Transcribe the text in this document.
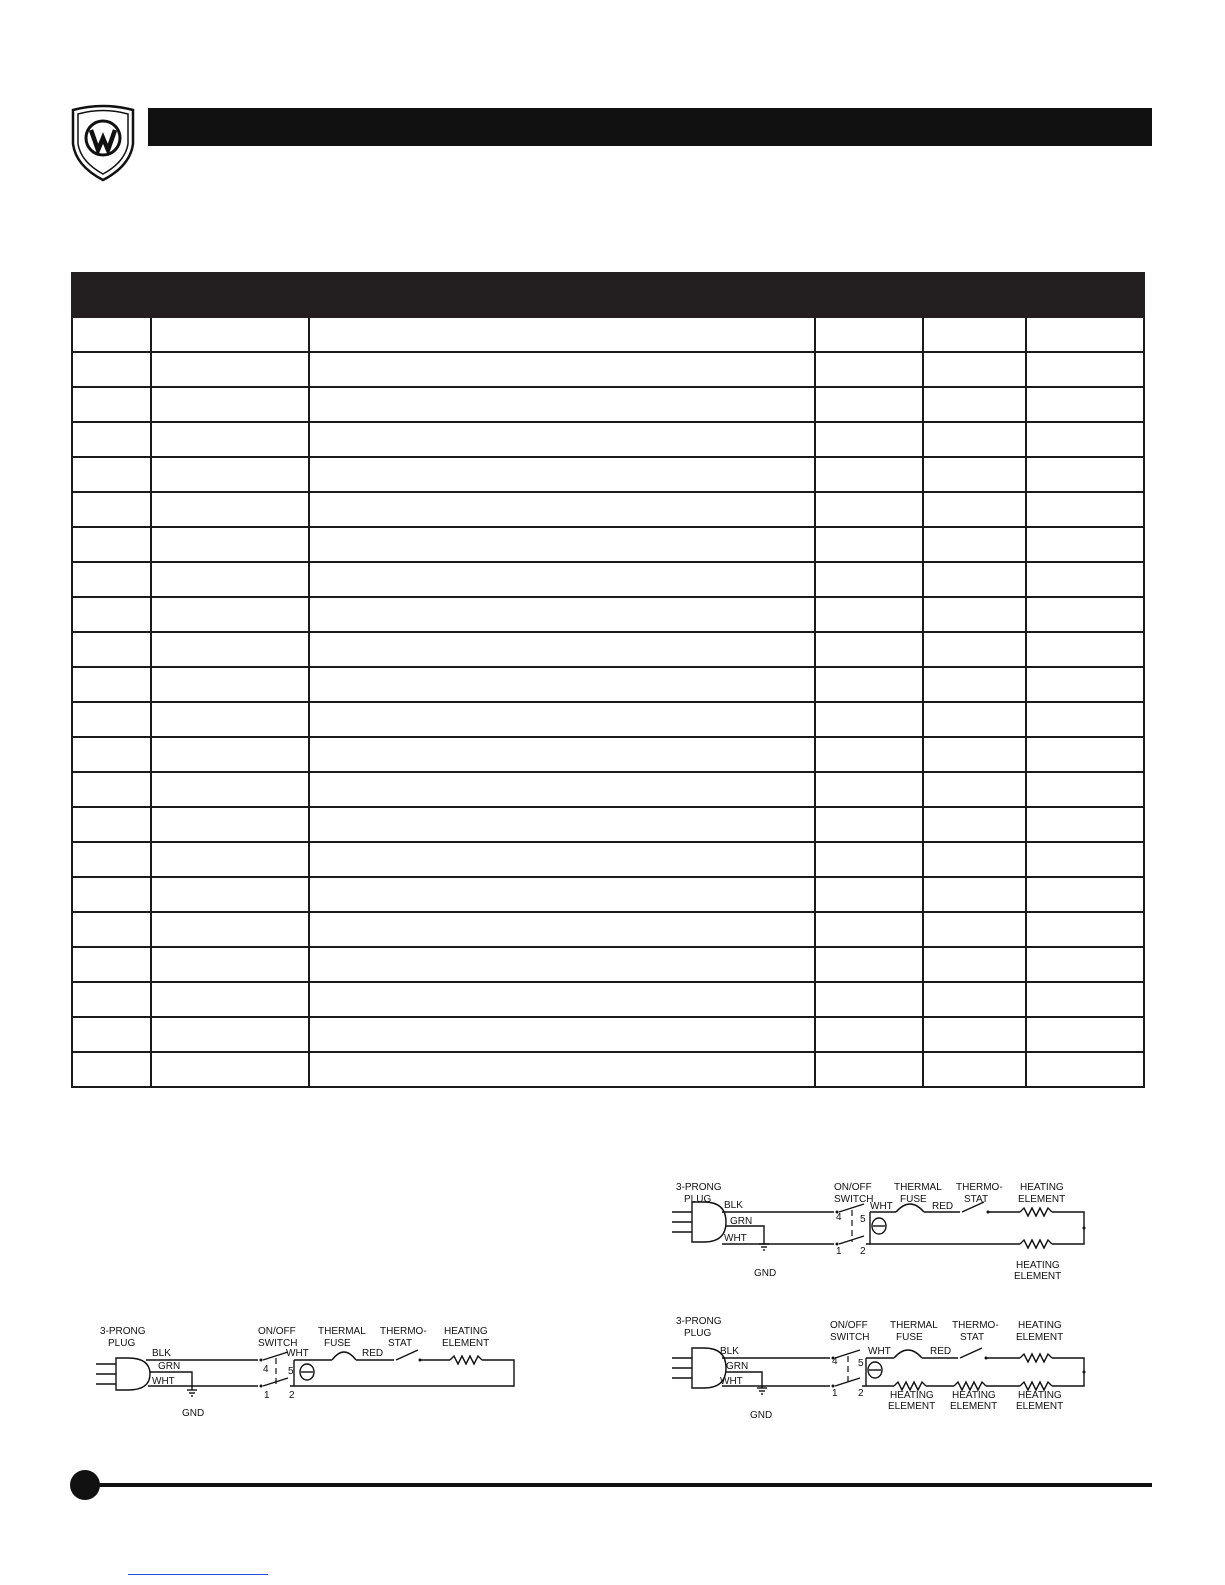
3-PRONG
PLUG
ON/OFF
SWITCH
THERMAL
FUSE
THERMO-
STAT
HEATING
ELEMENT
BLK
GRN
WHT
GND
4 5
1 2
WHT	RED
3-PRONG
PLUG
ON/OFF
SWITCH
THERMAL
FUSE
THERMO-
STAT
HEATING
ELEMENT
BLK
GRN
WHT
GND
4 5
1 2
WHT	RED
HEATING
ELEMENT
3-PRONG
PLUG
ON/OFF
SWITCH
THERMAL
FUSE
THERMO-
STAT
HEATING
ELEMENT
BLK
GRN
WHT
GND
4 5
1 2
WHT	RED
HEATING
ELEMENT
HEATING
ELEMENT
HEATING
ELEMENT
